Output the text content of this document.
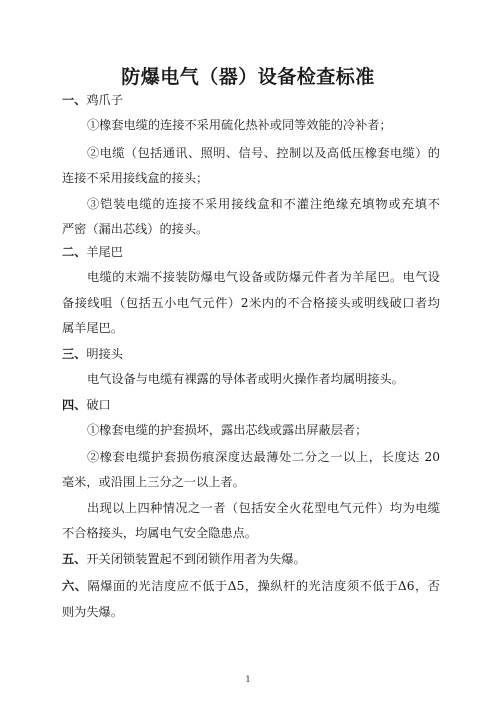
防爆电气（器）设备检查标准
一、鸡爪子
①橡套电缆的连接不采用硫化热补或同等效能的冷补者；
②电缆（包括通讯、照明、信号、控制以及高低压橡套电缆）的
连接不采用接线盒的接头；
③铠装电缆的连接不采用接线盒和不灌注绝缘充填物或充填不
严密（漏出芯线）的接头。
二、羊尾巴
电缆的末端不接装防爆电气设备或防爆元件者为羊尾巴。电气设
备接线咀（包括五小电气元件）2米内的不合格接头或明线破口者均
属羊尾巴。
三、明接头
电气设备与电缆有裸露的导体者或明火操作者均属明接头。
四、破口
①橡套电缆的护套损坏，露出芯线或露出屏蔽层者；
②橡套电缆护套损伤痕深度达最薄处二分之一以上，长度达 20
毫米，或沿围上三分之一以上者。
出现以上四种情况之一者（包括安全火花型电气元件）均为电缆
不合格接头，均属电气安全隐患点。
五、开关闭锁装置起不到闭锁作用者为失爆。
六、隔爆面的光洁度应不低于Δ5，操纵杆的光洁度须不低于Δ6，否
则为失爆。
1
